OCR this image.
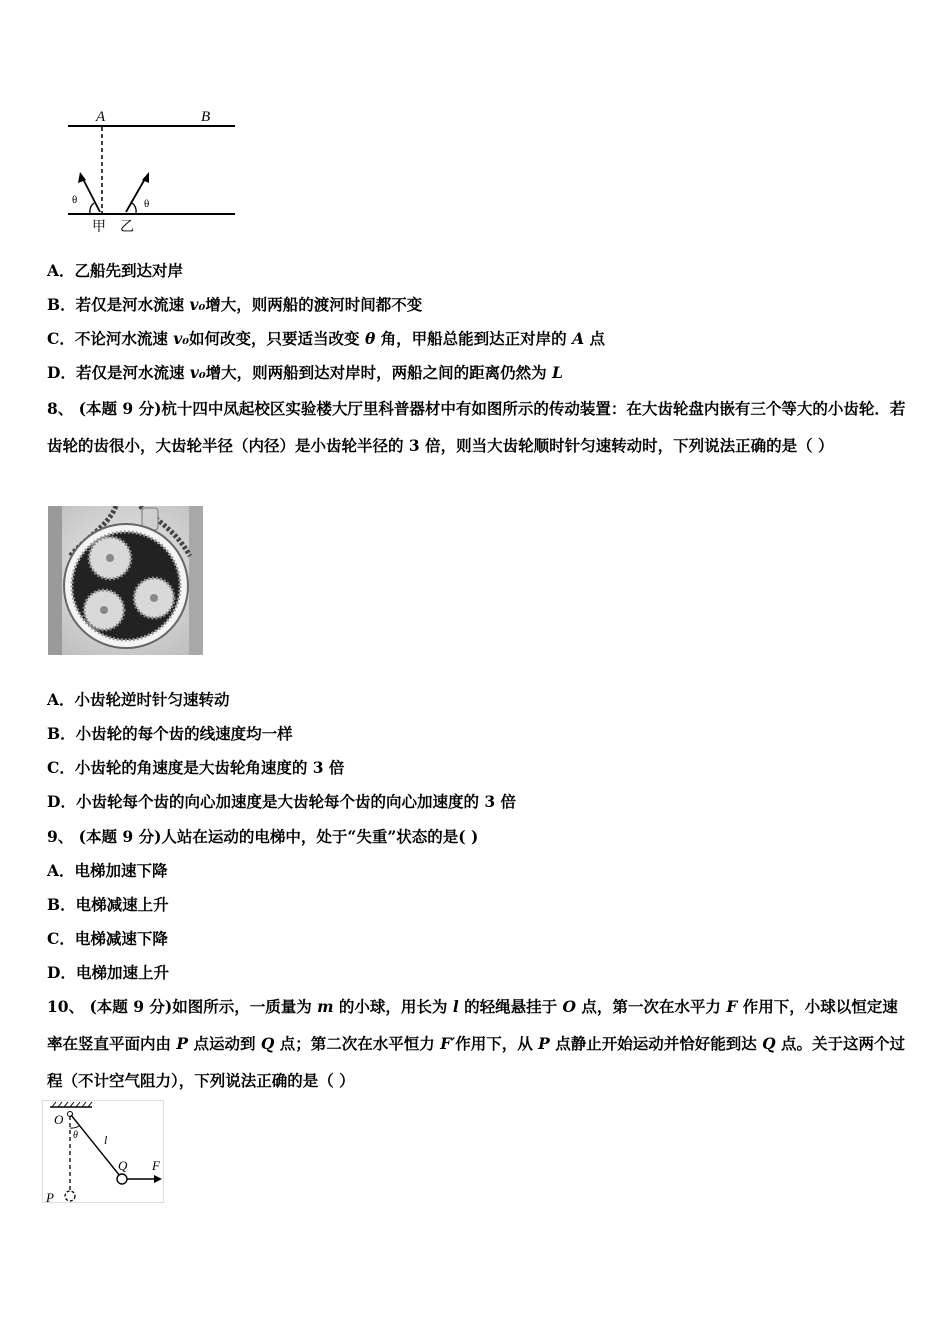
A	B
θ	θ
甲 乙
A．乙船先到达对岸
B．若仅是河水流速 v₀增大，则两船的渡河时间都不变
C．不论河水流速 v₀如何改变，只要适当改变 θ 角，甲船总能到达正对岸的 A 点
D．若仅是河水流速 v₀增大，则两船到达对岸时，两船之间的距离仍然为 L
8、 (本题 9 分)杭十四中凤起校区实验楼大厅里科普器材中有如图所示的传动装置：在大齿轮盘内嵌有三个等大的小齿轮．若齿轮的齿很小，大齿轮半径（内径）是小齿轮半径的 3 倍，则当大齿轮顺时针匀速转动时，下列说法正确的是（ ）
A．小齿轮逆时针匀速转动
B．小齿轮的每个齿的线速度均一样
C．小齿轮的角速度是大齿轮角速度的 3 倍
D．小齿轮每个齿的向心加速度是大齿轮每个齿的向心加速度的 3 倍
9、 (本题 9 分)人站在运动的电梯中，处于“失重”状态的是( )
A．电梯加速下降
B．电梯减速上升
C．电梯减速下降
D．电梯加速上升
10、 (本题 9 分)如图所示，一质量为 m 的小球，用长为 l 的轻绳悬挂于 O 点，第一次在水平力 F 作用下，小球以恒定速率在竖直平面内由 P 点运动到 Q 点；第二次在水平恒力 F′作用下，从 P 点静止开始运动并恰好能到达 Q 点。关于这两个过程（不计空气阻力），下列说法正确的是（ ）
O
θ l
Q F
P
